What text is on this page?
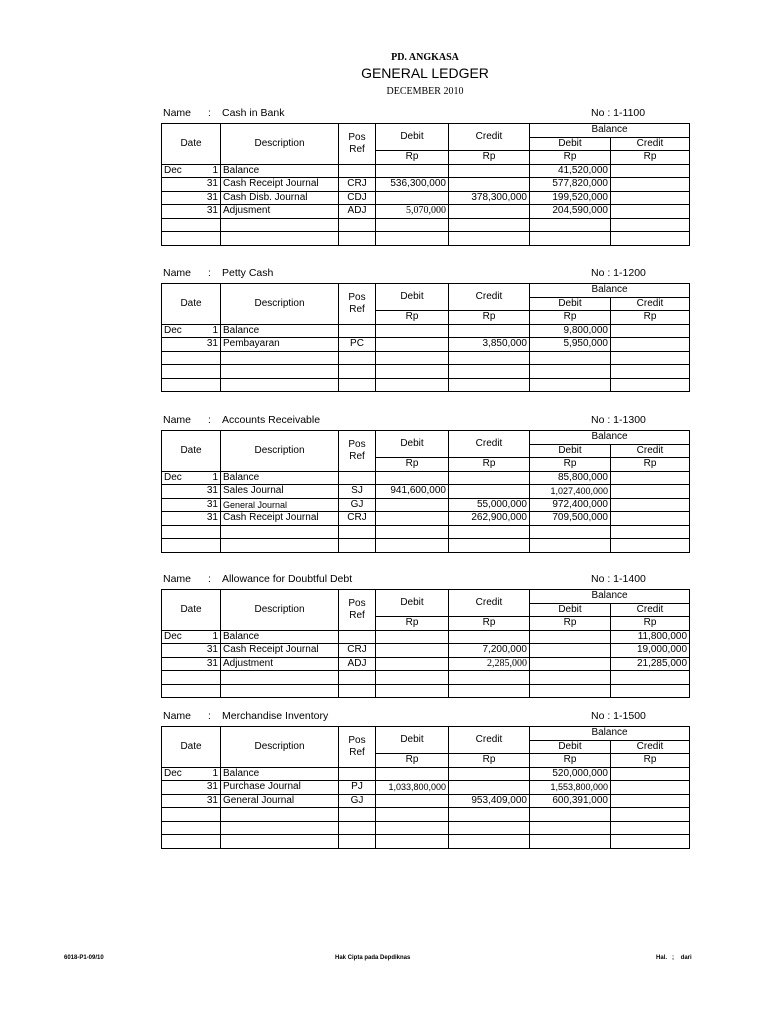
PD. ANGKASA
GENERAL LEDGER
DECEMBER 2010
Name : Cash in Bank	No : 1-1100
Date		Description	Pos
Ref	Debit	Credit	Balance	
						Debit	Credit
				Rp	Rp	Rp	Rp
Dec	1	Balance				41,520,000	
	31	Cash Receipt Journal	CRJ	536,300,000		577,820,000	
	31	Cash Disb. Journal	CDJ		378,300,000	199,520,000	
	31	Adjusment	ADJ	5,070,000		204,590,000	

Name : Petty Cash	No : 1-1200
Date		Description	Pos
Ref	Debit	Credit	Balance	
						Debit	Credit
				Rp	Rp	Rp	Rp
Dec	1	Balance				9,800,000	
	31	Pembayaran	PC		3,850,000	5,950,000	

Name : Accounts Receivable	No : 1-1300
Date		Description	Pos
Ref	Debit	Credit	Balance	
						Debit	Credit
				Rp	Rp	Rp	Rp
Dec	1	Balance				85,800,000	
	31	Sales Journal	SJ	941,600,000		1,027,400,000	
	31	General Journal	GJ		55,000,000	972,400,000	
	31	Cash Receipt Journal	CRJ		262,900,000	709,500,000	

Name : Allowance for Doubtful Debt	No : 1-1400
Date		Description	Pos
Ref	Debit	Credit	Balance	
						Debit	Credit
				Rp	Rp	Rp	Rp
Dec	1	Balance					11,800,000
	31	Cash Receipt Journal	CRJ		7,200,000		19,000,000
	31	Adjustment	ADJ		2,285,000		21,285,000

Name : Merchandise Inventory	No : 1-1500
Date		Description	Pos
Ref	Debit	Credit	Balance	
						Debit	Credit
				Rp	Rp	Rp	Rp
Dec	1	Balance				520,000,000	
	31	Purchase Journal	PJ	1,033,800,000		1,553,800,000	
	31	General Journal	GJ		953,409,000	600,391,000	

6018-P1-09/10	Hak Cipta pada Depdiknas	Hal.   ;    dari
